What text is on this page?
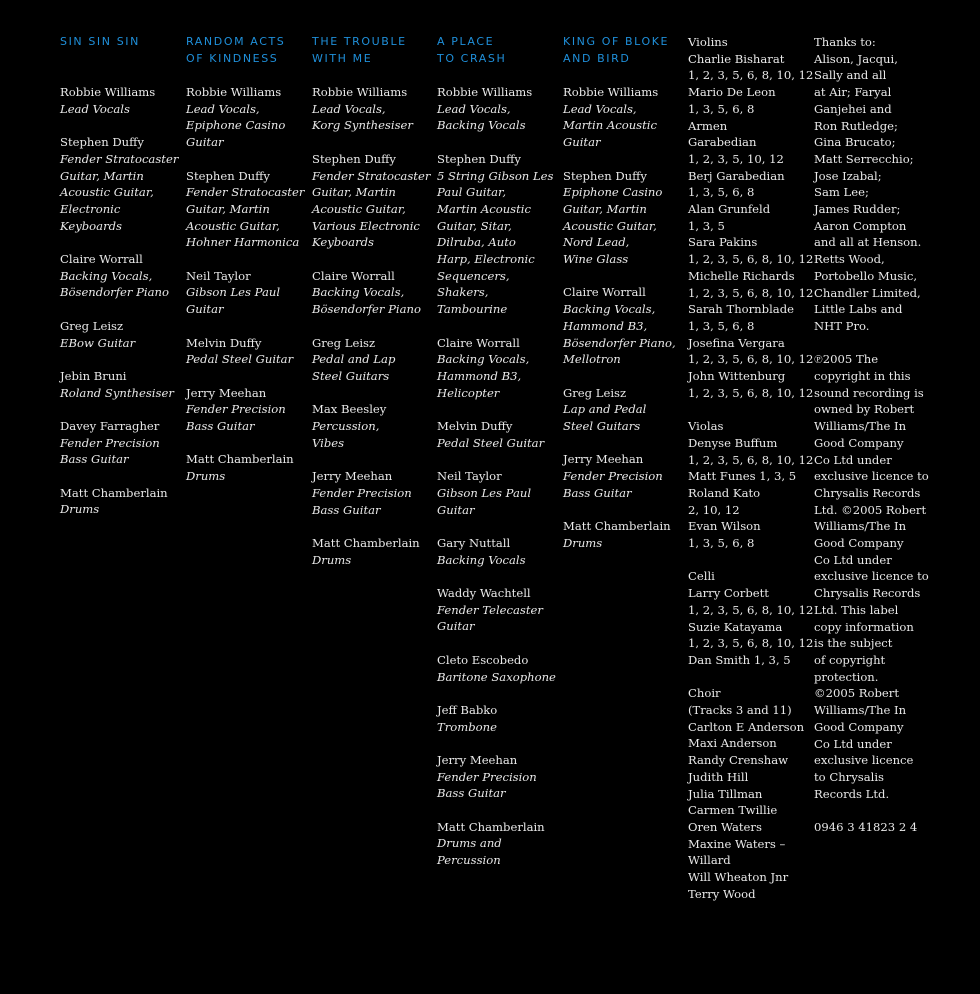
SIN SIN SIN
Robbie Williams
Lead Vocals
Stephen Duffy
Fender Stratocaster
Guitar, Martin
Acoustic Guitar,
Electronic
Keyboards
Claire Worrall
Backing Vocals,
Bösendorfer Piano
Greg Leisz
EBow Guitar
Jebin Bruni
Roland Synthesiser
Davey Farragher
Fender Precision
Bass Guitar
Matt Chamberlain
Drums
RANDOM ACTS
OF KINDNESS
Robbie Williams
Lead Vocals,
Epiphone Casino
Guitar
Stephen Duffy
Fender Stratocaster
Guitar, Martin
Acoustic Guitar,
Hohner Harmonica
Neil Taylor
Gibson Les Paul
Guitar
Melvin Duffy
Pedal Steel Guitar
Jerry Meehan
Fender Precision
Bass Guitar
Matt Chamberlain
Drums
THE TROUBLE
WITH ME
Robbie Williams
Lead Vocals,
Korg Synthesiser
Stephen Duffy
Fender Stratocaster
Guitar, Martin
Acoustic Guitar,
Various Electronic
Keyboards
Claire Worrall
Backing Vocals,
Bösendorfer Piano
Greg Leisz
Pedal and Lap
Steel Guitars
Max Beesley
Percussion,
Vibes
Jerry Meehan
Fender Precision
Bass Guitar
Matt Chamberlain
Drums
A PLACE
TO CRASH
Robbie Williams
Lead Vocals,
Backing Vocals
Stephen Duffy
5 String Gibson Les
Paul Guitar,
Martin Acoustic
Guitar, Sitar,
Dilruba, Auto
Harp, Electronic
Sequencers,
Shakers,
Tambourine
Claire Worrall
Backing Vocals,
Hammond B3,
Helicopter
Melvin Duffy
Pedal Steel Guitar
Neil Taylor
Gibson Les Paul
Guitar
Gary Nuttall
Backing Vocals
Waddy Wachtell
Fender Telecaster
Guitar
Cleto Escobedo
Baritone Saxophone
Jeff Babko
Trombone
Jerry Meehan
Fender Precision
Bass Guitar
Matt Chamberlain
Drums and
Percussion
KING OF BLOKE
AND BIRD
Robbie Williams
Lead Vocals,
Martin Acoustic
Guitar
Stephen Duffy
Epiphone Casino
Guitar, Martin
Acoustic Guitar,
Nord Lead,
Wine Glass
Claire Worrall
Backing Vocals,
Hammond B3,
Bösendorfer Piano,
Mellotron
Greg Leisz
Lap and Pedal
Steel Guitars
Jerry Meehan
Fender Precision
Bass Guitar
Matt Chamberlain
Drums
Violins
Charlie Bisharat
1, 2, 3, 5, 6, 8, 10, 12
Mario De Leon
1, 3, 5, 6, 8
Armen
Garabedian
1, 2, 3, 5, 10, 12
Berj Garabedian
1, 3, 5, 6, 8
Alan Grunfeld
1, 3, 5
Sara Pakins
1, 2, 3, 5, 6, 8, 10, 12
Michelle Richards
1, 2, 3, 5, 6, 8, 10, 12
Sarah Thornblade
1, 3, 5, 6, 8
Josefina Vergara
1, 2, 3, 5, 6, 8, 10, 12
John Wittenburg
1, 2, 3, 5, 6, 8, 10, 12
Violas
Denyse Buffum
1, 2, 3, 5, 6, 8, 10, 12
Matt Funes 1, 3, 5
Roland Kato
2, 10, 12
Evan Wilson
1, 3, 5, 6, 8
Celli
Larry Corbett
1, 2, 3, 5, 6, 8, 10, 12
Suzie Katayama
1, 2, 3, 5, 6, 8, 10, 12
Dan Smith 1, 3, 5
Choir
(Tracks 3 and 11)
Carlton E Anderson
Maxi Anderson
Randy Crenshaw
Judith Hill
Julia Tillman
Carmen Twillie
Oren Waters
Maxine Waters –
Willard
Will Wheaton Jnr
Terry Wood
Thanks to:
Alison, Jacqui,
Sally and all
at Air; Faryal
Ganjehei and
Ron Rutledge;
Gina Brucato;
Matt Serrecchio;
Jose Izabal;
Sam Lee;
James Rudder;
Aaron Compton
and all at Henson.
Retts Wood,
Portobello Music,
Chandler Limited,
Little Labs and
NHT Pro.
℗2005 The
copyright in this
sound recording is
owned by Robert
Williams/The In
Good Company
Co Ltd under
exclusive licence to
Chrysalis Records
Ltd. ©2005 Robert
Williams/The In
Good Company
Co Ltd under
exclusive licence to
Chrysalis Records
Ltd. This label
copy information
is the subject
of copyright
protection.
©2005 Robert
Williams/The In
Good Company
Co Ltd under
exclusive licence
to Chrysalis
Records Ltd.
0946 3 41823 2 4
